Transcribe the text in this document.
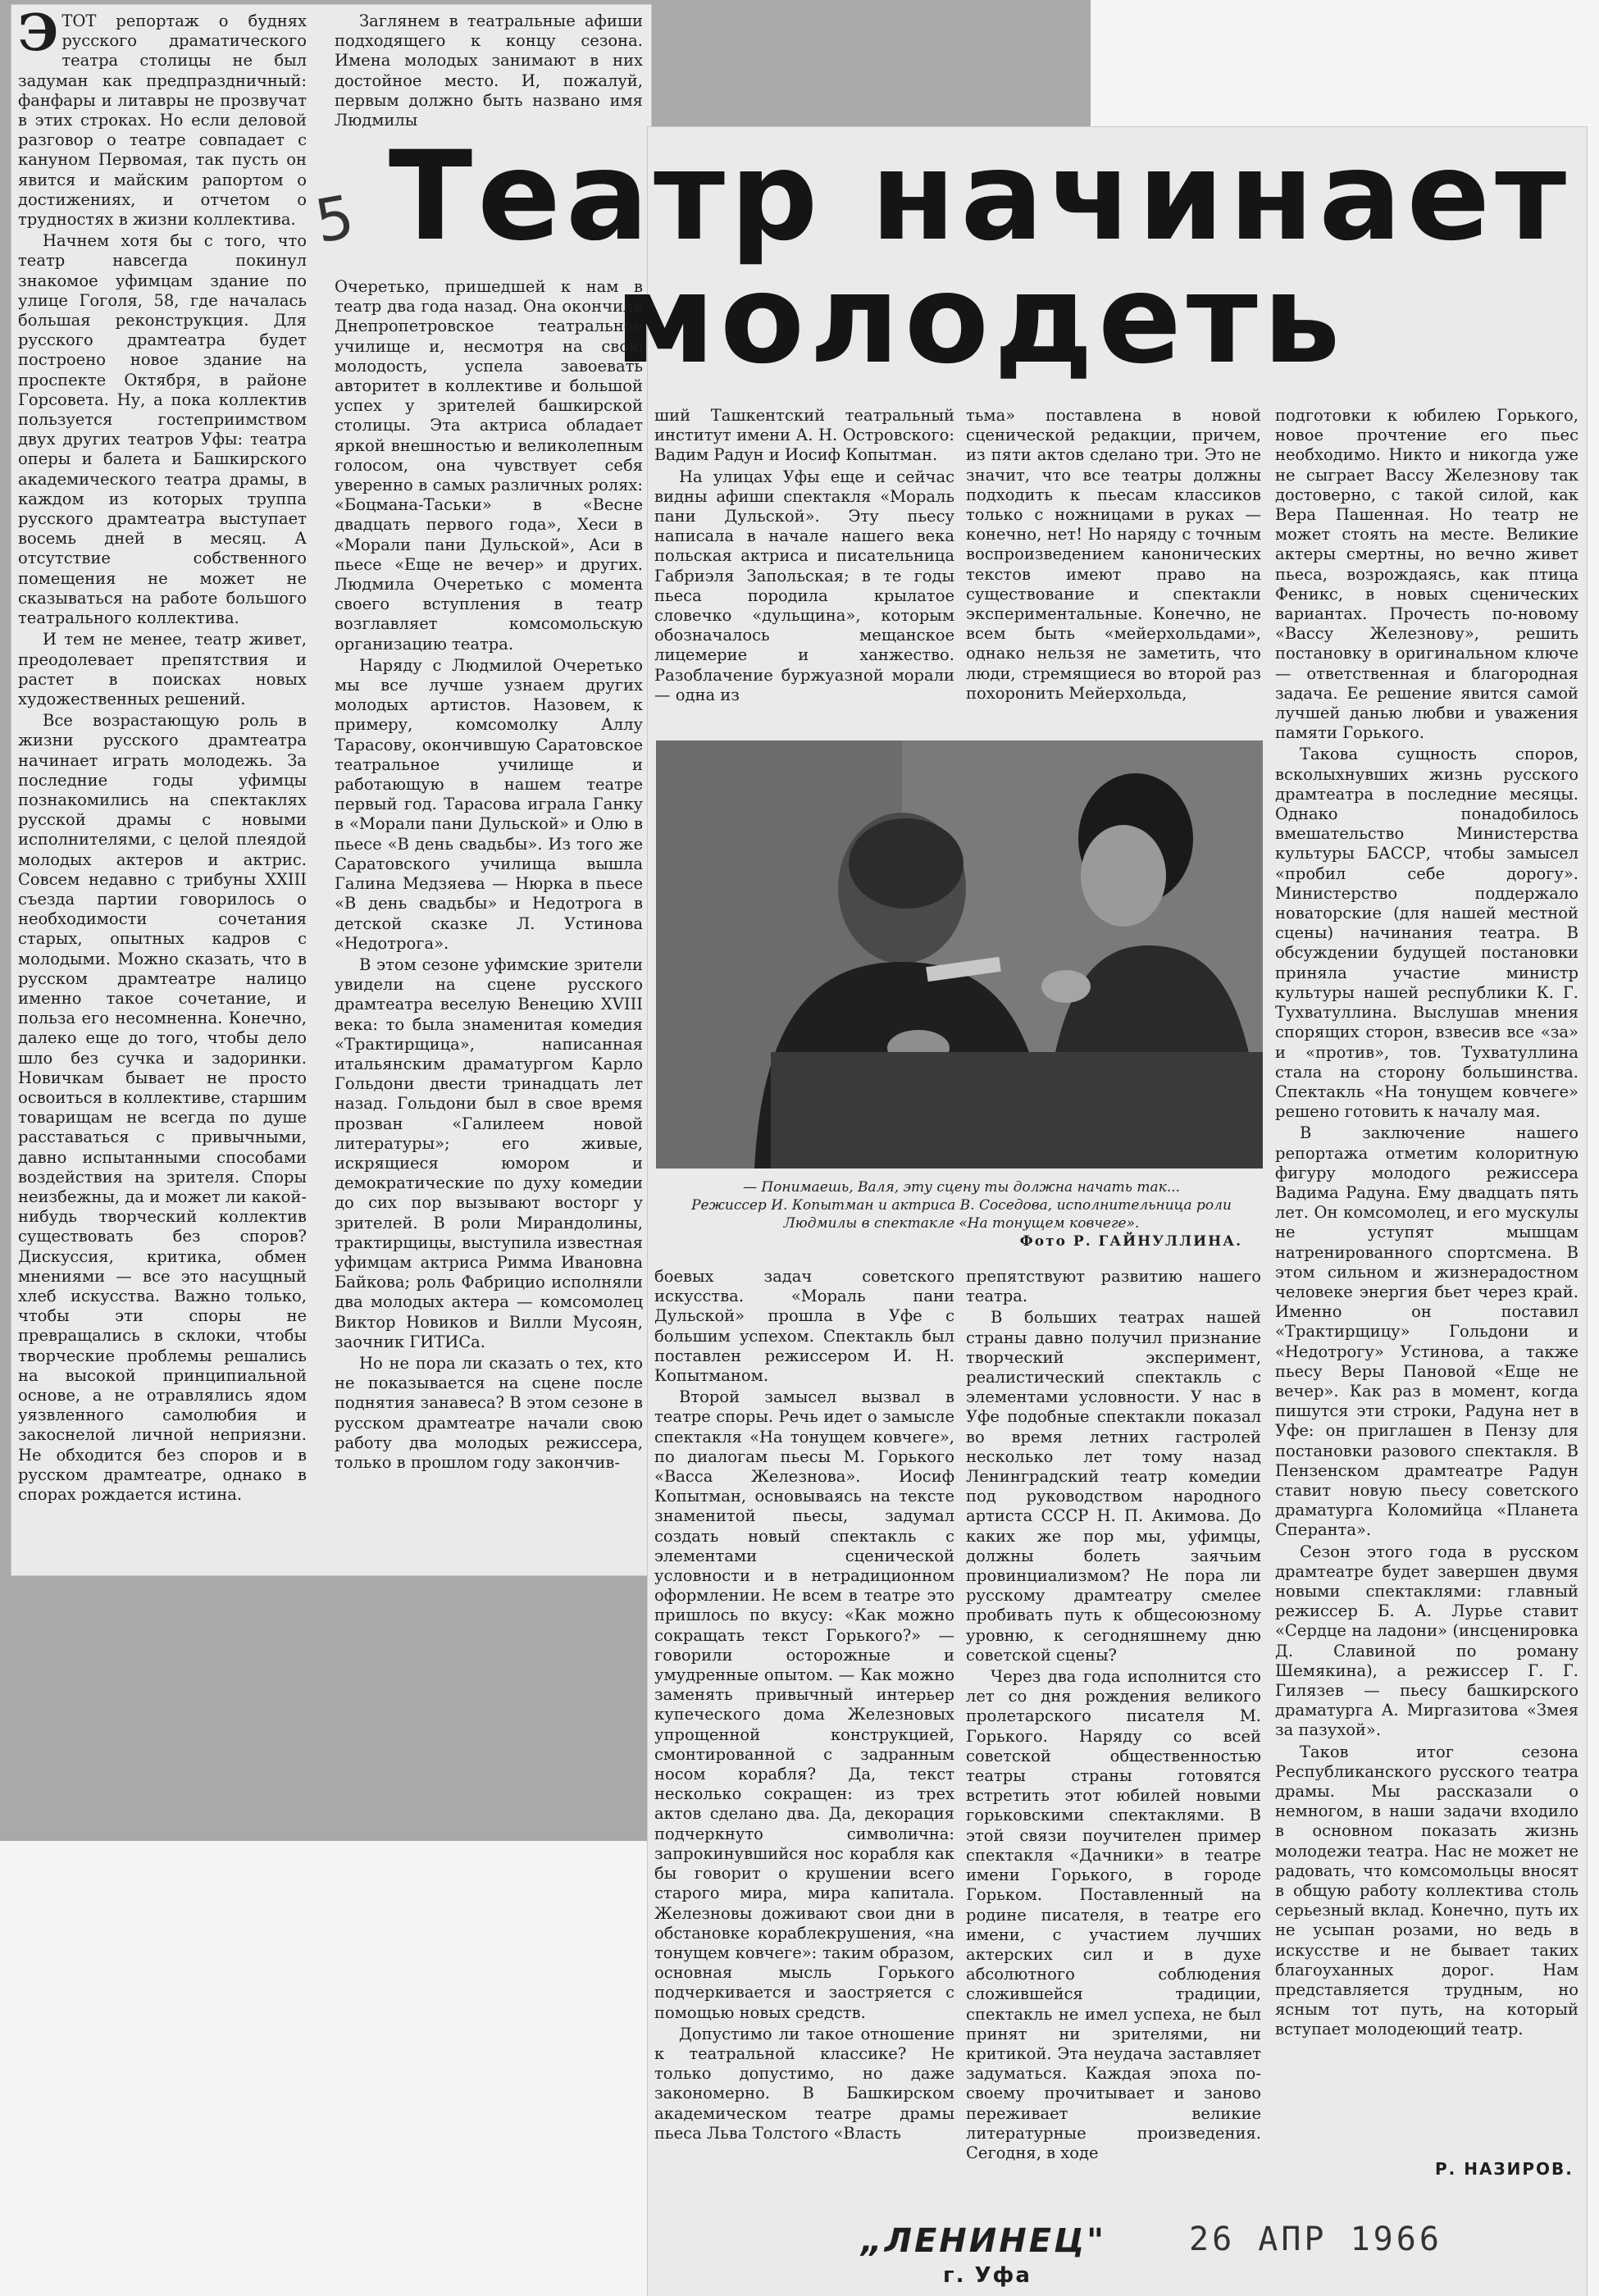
5 Театр начинает
молодеть

ЭТОТ репортаж о буднях русского драматического театра столицы не был задуман как предпраздничный: фанфары и литавры не прозвучат в этих строках. Но если деловой разговор о театре совпадает с кануном Первомая, так пусть он явится и майским рапортом о достижениях, и отчетом о трудностях в жизни коллектива.

Начнем хотя бы с того, что театр навсегда покинул знакомое уфимцам здание по улице Гоголя, 58, где началась большая реконструкция. Для русского драмтеатра будет построено новое здание на проспекте Октября, в районе Горсовета. Ну, а пока коллектив пользуется гостеприимством двух других театров Уфы: театра оперы и балета и Башкирского академического театра драмы, в каждом из которых труппа русского драмтеатра выступает восемь дней в месяц. А отсутствие собственного помещения не может не сказываться на работе большого театрального коллектива.

И тем не менее, театр живет, преодолевает препятствия и растет в поисках новых художественных решений.

Все возрастающую роль в жизни русского драмтеатра начинает играть молодежь. За последние годы уфимцы познакомились на спектаклях русской драмы с новыми исполнителями, с целой плеядой молодых актеров и актрис. Совсем недавно с трибуны XXIII съезда партии говорилось о необходимости сочетания старых, опытных кадров с молодыми. Можно сказать, что в русском драмтеатре налицо именно такое сочетание, и польза его несомненна. Конечно, далеко еще до того, чтобы дело шло без сучка и задоринки. Новичкам бывает не просто освоиться в коллективе, старшим товарищам не всегда по душе расставаться с привычными, давно испытанными способами воздействия на зрителя. Споры неизбежны, да и может ли какой-нибудь творческий коллектив существовать без споров? Дискуссия, критика, обмен мнениями — все это насущный хлеб искусства. Важно только, чтобы эти споры не превращались в склоки, чтобы творческие проблемы решались на высокой принципиальной основе, а не отравлялись ядом уязвленного самолюбия и закоснелой личной неприязни. Не обходится без споров и в русском драмтеатре, однако в спорах рождается истина.

Заглянем в театральные афиши подходящего к концу сезона. Имена молодых занимают в них достойное место. И, пожалуй, первым должно быть названо имя Людмилы

Очеретько, пришедшей к нам в театр два года назад. Она окончила Днепропетровское театральное училище и, несмотря на свою молодость, успела завоевать авторитет в коллективе и большой успех у зрителей башкирской столицы. Эта актриса обладает яркой внешностью и великолепным голосом, она чувствует себя уверенно в самых различных ролях: «Боцмана-Таськи» в «Весне двадцать первого года», Хеси в «Морали пани Дульской», Аси в пьесе «Еще не вечер» и других. Людмила Очеретько с момента своего вступления в театр возглавляет комсомольскую организацию театра.

Наряду с Людмилой Очеретько мы все лучше узнаем других молодых артистов. Назовем, к примеру, комсомолку Аллу Тарасову, окончившую Саратовское театральное училище и работающую в нашем театре первый год. Тарасова играла Ганку в «Морали пани Дульской» и Олю в пьесе «В день свадьбы». Из того же Саратовского училища вышла Галина Медзяева — Нюрка в пьесе «В день свадьбы» и Недотрога в детской сказке Л. Устинова «Недотрога».

В этом сезоне уфимские зрители увидели на сцене русского драмтеатра веселую Венецию XVIII века: то была знаменитая комедия «Трактирщица», написанная итальянским драматургом Карло Гольдони двести тринадцать лет назад. Гольдони был в свое время прозван «Галилеем новой литературы»; его живые, искрящиеся юмором и демократические по духу комедии до сих пор вызывают восторг у зрителей. В роли Мирандолины, трактирщицы, выступила известная уфимцам актриса Римма Ивановна Байкова; роль Фабрицио исполняли два молодых актера — комсомолец Виктор Новиков и Вилли Мусоян, заочник ГИТИСа.

Но не пора ли сказать о тех, кто не показывается на сцене после поднятия занавеса? В этом сезоне в русском драмтеатре начали свою работу два молодых режиссера, только в прошлом году закончив-

ший Ташкентский театральный институт имени А. Н. Островского: Вадим Радун и Иосиф Копытман.

На улицах Уфы еще и сейчас видны афиши спектакля «Мораль пани Дульской». Эту пьесу написала в начале нашего века польская актриса и писательница Габриэля Запольская; в те годы пьеса породила крылатое словечко «дульщина», которым обозначалось мещанское лицемерие и ханжество. Разоблачение буржуазной морали — одна из

тьма» поставлена в новой сценической редакции, причем, из пяти актов сделано три. Это не значит, что все театры должны подходить к пьесам классиков только с ножницами в руках — конечно, нет! Но наряду с точным воспроизведением канонических текстов имеют право на существование и спектакли экспериментальные. Конечно, не всем быть «мейерхольдами», однако нельзя не заметить, что люди, стремящиеся во второй раз похоронить Мейерхольда,

— Понимаешь, Валя, эту сцену ты должна начать так...
Режиссер И. Копытман и актриса В. Соседова, исполнительница роли Людмилы в спектакле «На тонущем ковчеге».
Фото Р. ГАЙНУЛЛИНА.

подготовки к юбилею Горького, новое прочтение его пьес необходимо. Никто и никогда уже не сыграет Вассу Железнову так достоверно, с такой силой, как Вера Пашенная. Но театр не может стоять на месте. Великие актеры смертны, но вечно живет пьеса, возрождаясь, как птица Феникс, в новых сценических вариантах. Прочесть по-новому «Вассу Железнову», решить постановку в оригинальном ключе — ответственная и благородная задача. Ее решение явится самой лучшей данью любви и уважения памяти Горького.

Такова сущность споров, всколыхнувших жизнь русского драмтеатра в последние месяцы. Однако понадобилось вмешательство Министерства культуры БАССР, чтобы замысел «пробил себе дорогу». Министерство поддержало новаторские (для нашей местной сцены) начинания театра. В обсуждении будущей постановки приняла участие министр культуры нашей республики К. Г. Тухватуллина. Выслушав мнения спорящих сторон, взвесив все «за» и «против», тов. Тухватуллина стала на сторону большинства. Спектакль «На тонущем ковчеге» решено готовить к началу мая.

В заключение нашего репортажа отметим колоритную фигуру молодого режиссера Вадима Радуна. Ему двадцать пять лет. Он комсомолец, и его мускулы не уступят мышцам натренированного спортсмена. В этом сильном и жизнерадостном человеке энергия бьет через край. Именно он поставил «Трактирщицу» Гольдони и «Недотрогу» Устинова, а также пьесу Веры Пановой «Еще не вечер». Как раз в момент, когда пишутся эти строки, Радуна нет в Уфе: он приглашен в Пензу для постановки разового спектакля. В Пензенском драмтеатре Радун ставит новую пьесу советского драматурга Коломийца «Планета Сперанта».

Сезон этого года в русском драмтеатре будет завершен двумя новыми спектаклями: главный режиссер Б. А. Лурье ставит «Сердце на ладони» (инсценировка Д. Славиной по роману Шемякина), а режиссер Г. Г. Гилязев — пьесу башкирского драматурга А. Миргазитова «Змея за пазухой».

Таков итог сезона Республиканского русского театра драмы. Мы рассказали о немногом, в наши задачи входило в основном показать жизнь молодежи театра. Нас не может не радовать, что комсомольцы вносят в общую работу коллектива столь серьезный вклад. Конечно, путь их не усыпан розами, но ведь в искусстве и не бывает таких благоуханных дорог. Нам представляется трудным, но ясным тот путь, на который вступает молодеющий театр.

боевых задач советского искусства. «Мораль пани Дульской» прошла в Уфе с большим успехом. Спектакль был поставлен режиссером И. Н. Копытманом.

Второй замысел вызвал в театре споры. Речь идет о замысле спектакля «На тонущем ковчеге», по диалогам пьесы М. Горького «Васса Железнова». Иосиф Копытман, основываясь на тексте знаменитой пьесы, задумал создать новый спектакль с элементами сценической условности и в нетрадиционном оформлении. Не всем в театре это пришлось по вкусу: «Как можно сокращать текст Горького?» — говорили осторожные и умудренные опытом. — Как можно заменять привычный интерьер купеческого дома Железновых упрощенной конструкцией, смонтированной с задранным носом корабля? Да, текст несколько сокращен: из трех актов сделано два. Да, декорация подчеркнуто символична: запрокинувшийся нос корабля как бы говорит о крушении всего старого мира, мира капитала. Железновы доживают свои дни в обстановке кораблекрушения, «на тонущем ковчеге»: таким образом, основная мысль Горького подчеркивается и заостряется с помощью новых средств.

Допустимо ли такое отношение к театральной классике? Не только допустимо, но даже закономерно. В Башкирском академическом театре драмы пьеса Льва Толстого «Власть

препятствуют развитию нашего театра.

В больших театрах нашей страны давно получил признание творческий эксперимент, реалистический спектакль с элементами условности. У нас в Уфе подобные спектакли показал во время летних гастролей несколько лет тому назад Ленинградский театр комедии под руководством народного артиста СССР Н. П. Акимова. До каких же пор мы, уфимцы, должны болеть заячьим провинциализмом? Не пора ли русскому драмтеатру смелее пробивать путь к общесоюзному уровню, к сегодняшнему дню советской сцены?

Через два года исполнится сто лет со дня рождения великого пролетарского писателя М. Горького. Наряду со всей советской общественностью театры страны готовятся встретить этот юбилей новыми горьковскими спектаклями. В этой связи поучителен пример спектакля «Дачники» в театре имени Горького, в городе Горьком. Поставленный на родине писателя, в театре его имени, с участием лучших актерских сил и в духе абсолютного соблюдения сложившейся традиции, спектакль не имел успеха, не был принят ни зрителями, ни критикой. Эта неудача заставляет задуматься. Каждая эпоха по-своему прочитывает и заново переживает великие литературные произведения. Сегодня, в ходе

Р. НАЗИРОВ.
„ЛЕНИНЕЦ"	26 АПР 1966
г. Уфа
